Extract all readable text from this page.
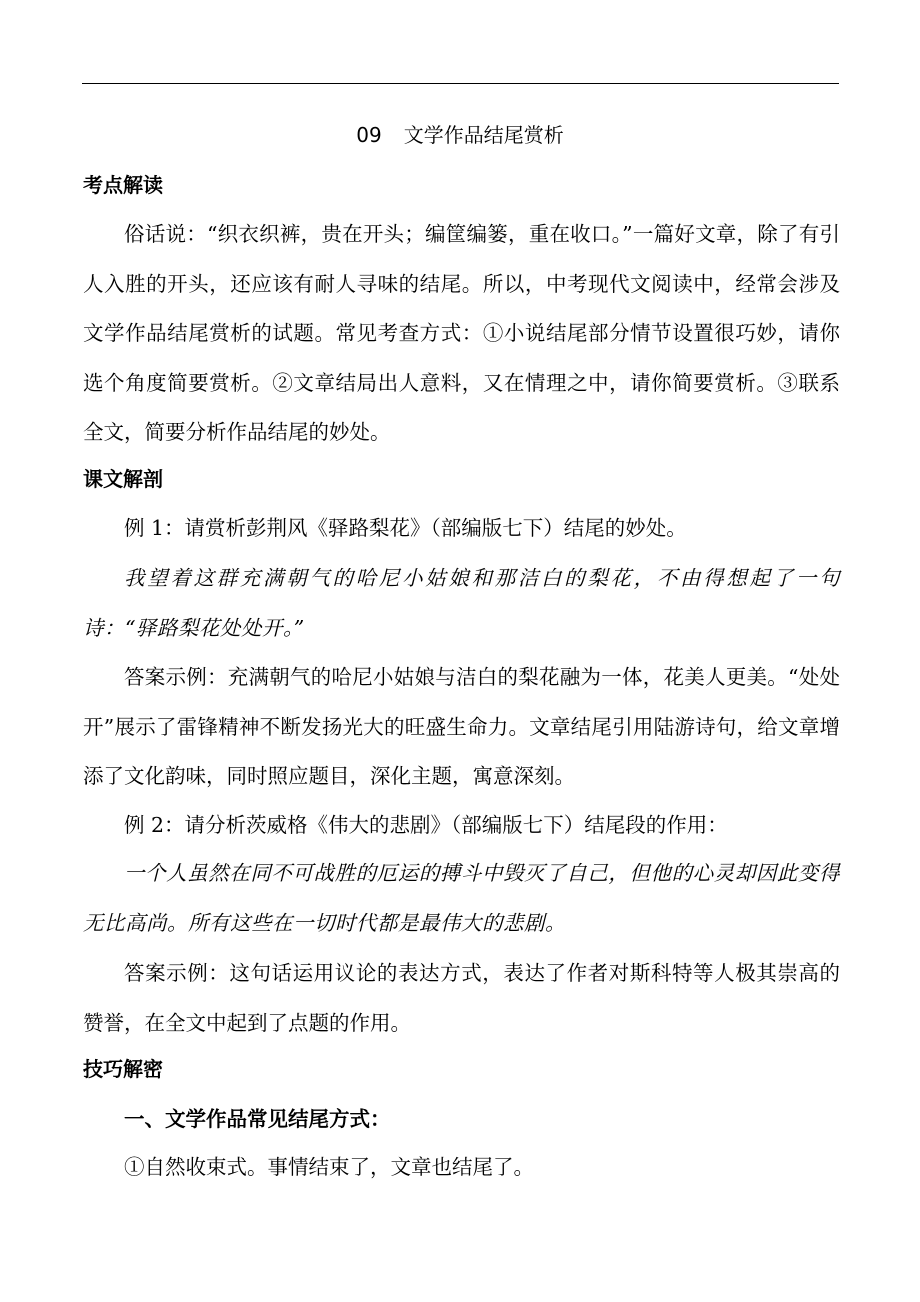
09 文学作品结尾赏析
考点解读

俗话说：“织衣织裤，贵在开头；编筐编篓，重在收口。”一篇好文章，除了有引人入胜的开头，还应该有耐人寻味的结尾。所以，中考现代文阅读中，经常会涉及文学作品结尾赏析的试题。常见考查方式：①小说结尾部分情节设置很巧妙，请你选个角度简要赏析。②文章结局出人意料，又在情理之中，请你简要赏析。③联系全文，简要分析作品结尾的妙处。

课文解剖

例 1：请赏析彭荆风《驿路梨花》（部编版七下）结尾的妙处。

我望着这群充满朝气的哈尼小姑娘和那洁白的梨花，不由得想起了一句诗：“驿路梨花处处开。”

答案示例：充满朝气的哈尼小姑娘与洁白的梨花融为一体，花美人更美。“处处开”展示了雷锋精神不断发扬光大的旺盛生命力。文章结尾引用陆游诗句，给文章增添了文化韵味，同时照应题目，深化主题，寓意深刻。

例 2：请分析茨威格《伟大的悲剧》（部编版七下）结尾段的作用：

一个人虽然在同不可战胜的厄运的搏斗中毁灭了自己，但他的心灵却因此变得无比高尚。所有这些在一切时代都是最伟大的悲剧。

答案示例：这句话运用议论的表达方式，表达了作者对斯科特等人极其崇高的赞誉，在全文中起到了点题的作用。

技巧解密
一、文学作品常见结尾方式：

①自然收束式。事情结束了，文章也结尾了。
